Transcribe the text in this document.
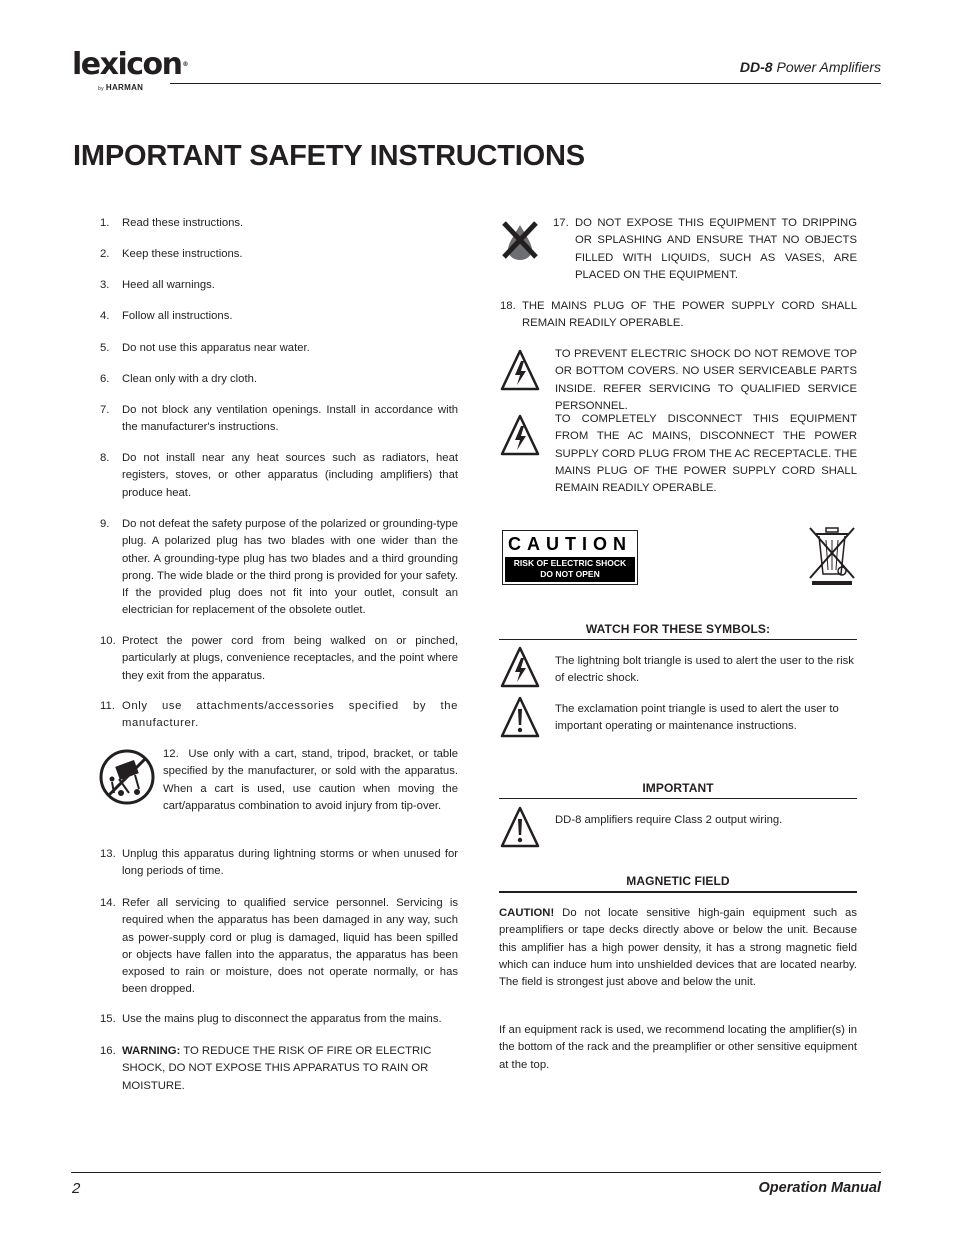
lexicon®
by HARMAN
DD-8 Power Amplifiers
IMPORTANT SAFETY INSTRUCTIONS
1. Read these instructions.
2. Keep these instructions.
3. Heed all warnings.
4. Follow all instructions.
5. Do not use this apparatus near water.
6. Clean only with a dry cloth.
7. Do not block any ventilation openings. Install in accordance with the manufacturer's instructions.
8. Do not install near any heat sources such as radiators, heat registers, stoves, or other apparatus (including amplifiers) that produce heat.
9. Do not defeat the safety purpose of the polarized or grounding-type plug. A polarized plug has two blades with one wider than the other. A grounding-type plug has two blades and a third grounding prong. The wide blade or the third prong is provided for your safety. If the provided plug does not fit into your outlet, consult an electrician for replacement of the obsolete outlet.
10. Protect the power cord from being walked on or pinched, particularly at plugs, convenience receptacles, and the point where they exit from the apparatus.
11. Only use attachments/accessories specified by the manufacturer.
12. Use only with a cart, stand, tripod, bracket, or table specified by the manufacturer, or sold with the apparatus. When a cart is used, use caution when moving the cart/apparatus combination to avoid injury from tip-over.
13. Unplug this apparatus during lightning storms or when unused for long periods of time.
14. Refer all servicing to qualified service personnel. Servicing is required when the apparatus has been damaged in any way, such as power-supply cord or plug is damaged, liquid has been spilled or objects have fallen into the apparatus, the apparatus has been exposed to rain or moisture, does not operate normally, or has been dropped.
15. Use the mains plug to disconnect the apparatus from the mains.
16. WARNING: TO REDUCE THE RISK OF FIRE OR ELECTRIC SHOCK, DO NOT EXPOSE THIS APPARATUS TO RAIN OR MOISTURE.
17. DO NOT EXPOSE THIS EQUIPMENT TO DRIPPING OR SPLASHING AND ENSURE THAT NO OBJECTS FILLED WITH LIQUIDS, SUCH AS VASES, ARE PLACED ON THE EQUIPMENT.
18. THE MAINS PLUG OF THE POWER SUPPLY CORD SHALL REMAIN READILY OPERABLE.
TO PREVENT ELECTRIC SHOCK DO NOT REMOVE TOP OR BOTTOM COVERS. NO USER SERVICEABLE PARTS INSIDE. REFER SERVICING TO QUALIFIED SERVICE PERSONNEL.
TO COMPLETELY DISCONNECT THIS EQUIPMENT FROM THE AC MAINS, DISCONNECT THE POWER SUPPLY CORD PLUG FROM THE AC RECEPTACLE. THE MAINS PLUG OF THE POWER SUPPLY CORD SHALL REMAIN READILY OPERABLE.
CAUTION
RISK OF ELECTRIC SHOCK
DO NOT OPEN
WATCH FOR THESE SYMBOLS:
The lightning bolt triangle is used to alert the user to the risk of electric shock.
The exclamation point triangle is used to alert the user to important operating or maintenance instructions.
IMPORTANT
DD-8 amplifiers require Class 2 output wiring.
MAGNETIC FIELD
CAUTION! Do not locate sensitive high-gain equipment such as preamplifiers or tape decks directly above or below the unit. Because this amplifier has a high power density, it has a strong magnetic field which can induce hum into unshielded devices that are located nearby. The field is strongest just above and below the unit.
If an equipment rack is used, we recommend locating the amplifier(s) in the bottom of the rack and the preamplifier or other sensitive equipment at the top.
2	Operation Manual
